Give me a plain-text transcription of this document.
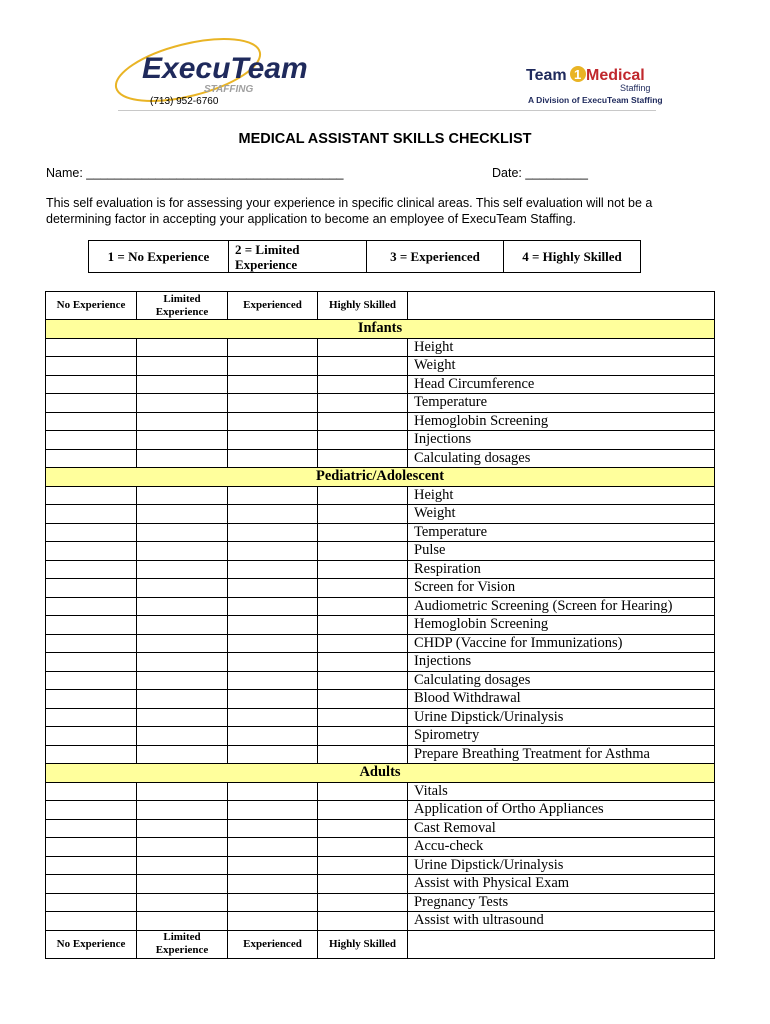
ExecuTeam
STAFFING
(713) 952-6760
Team 1 Medical
Staffing
A Division of ExecuTeam Staffing
MEDICAL ASSISTANT SKILLS CHECKLIST
Name: _____________________________________	Date: _________
This self evaluation is for assessing your experience in specific clinical areas. This self evaluation will not be a determining factor in accepting your application to become an employee of ExecuTeam Staffing.
1 = No Experience	2 = Limited Experience	3 = Experienced	4 = Highly Skilled
No Experience	Limited Experience	Experienced	Highly Skilled	
Infants				
				Height
				Weight
				Head Circumference
				Temperature
				Hemoglobin Screening
				Injections
				Calculating dosages
Pediatric/Adolescent				
				Height
				Weight
				Temperature
				Pulse
				Respiration
				Screen for Vision
				Audiometric Screening (Screen for Hearing)
				Hemoglobin Screening
				CHDP (Vaccine for Immunizations)
				Injections
				Calculating dosages
				Blood Withdrawal
				Urine Dipstick/Urinalysis
				Spirometry
				Prepare Breathing Treatment for Asthma
Adults				
				Vitals
				Application of Ortho Appliances
				Cast Removal
				Accu-check
				Urine Dipstick/Urinalysis
				Assist with Physical Exam
				Pregnancy Tests
				Assist with ultrasound
No Experience	Limited Experience	Experienced	Highly Skilled	
